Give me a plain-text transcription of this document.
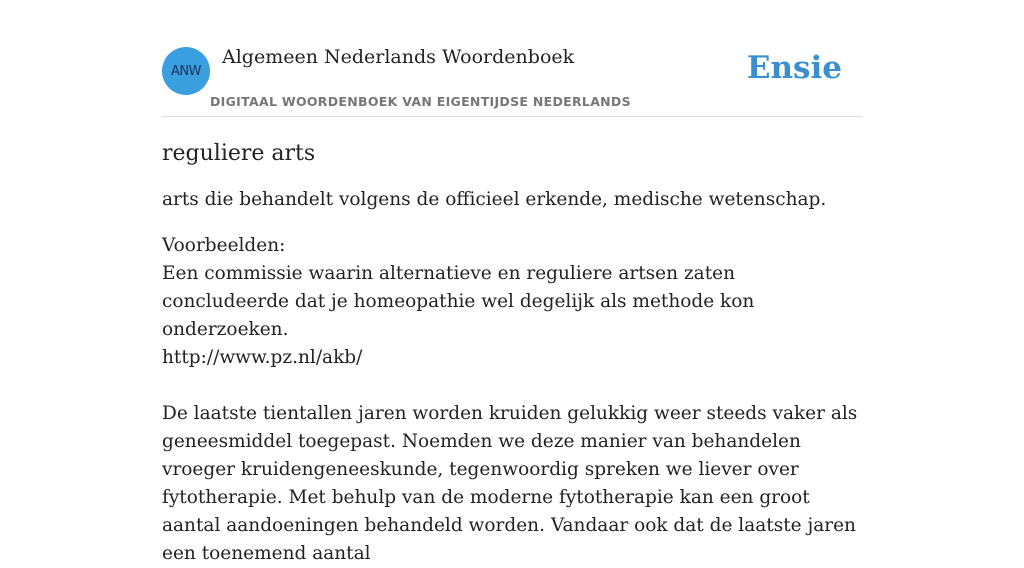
ANW
Algemeen Nederlands Woordenboek
DIGITAAL WOORDENBOEK VAN EIGENTIJDSE NEDERLANDS
Ensie
reguliere arts

arts die behandelt volgens de officieel erkende, medische wetenschap.

Voorbeelden:
Een commissie waarin alternatieve en reguliere artsen zaten concludeerde dat je homeopathie wel degelijk als methode kon onderzoeken.
http://www.pz.nl/akb/
De laatste tientallen jaren worden kruiden gelukkig weer steeds vaker als geneesmiddel toegepast. Noemden we deze manier van behandelen vroeger kruidengeneeskunde, tegenwoordig spreken we liever over fytotherapie. Met behulp van de moderne fytotherapie kan een groot aantal aandoeningen behandeld worden. Vandaar ook dat de laatste jaren een toenemend aantal
